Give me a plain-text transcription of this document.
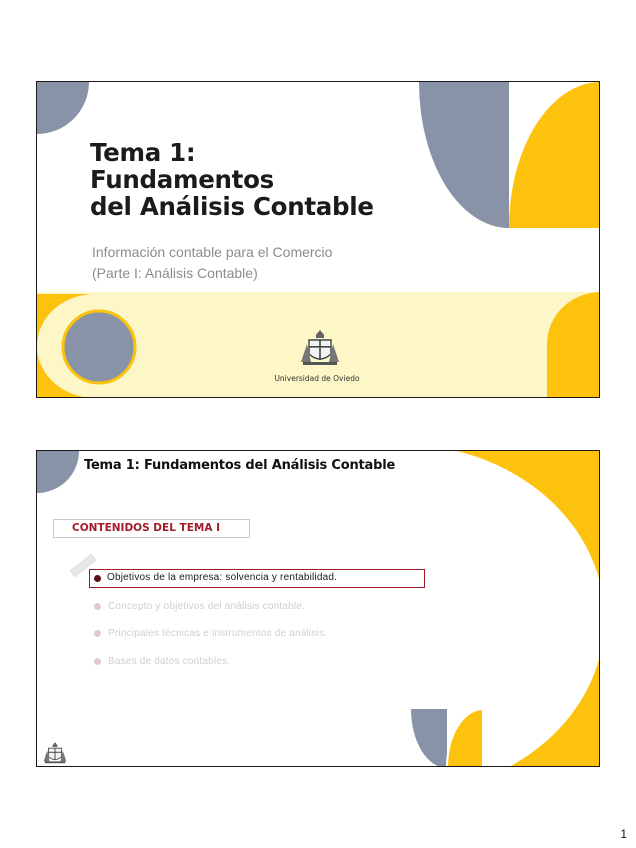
Tema 1:
Fundamentos
del Análisis Contable
Información contable para el Comercio
(Parte I: Análisis Contable)
Universidad de Oviedo
Tema 1: Fundamentos del Análisis Contable
CONTENIDOS DEL TEMA I
Objetivos de la empresa: solvencia y rentabilidad.
Concepto y objetivos del análisis contable.
Principales técnicas e instrumentos de análisis.
Bases de datos contables.
1
